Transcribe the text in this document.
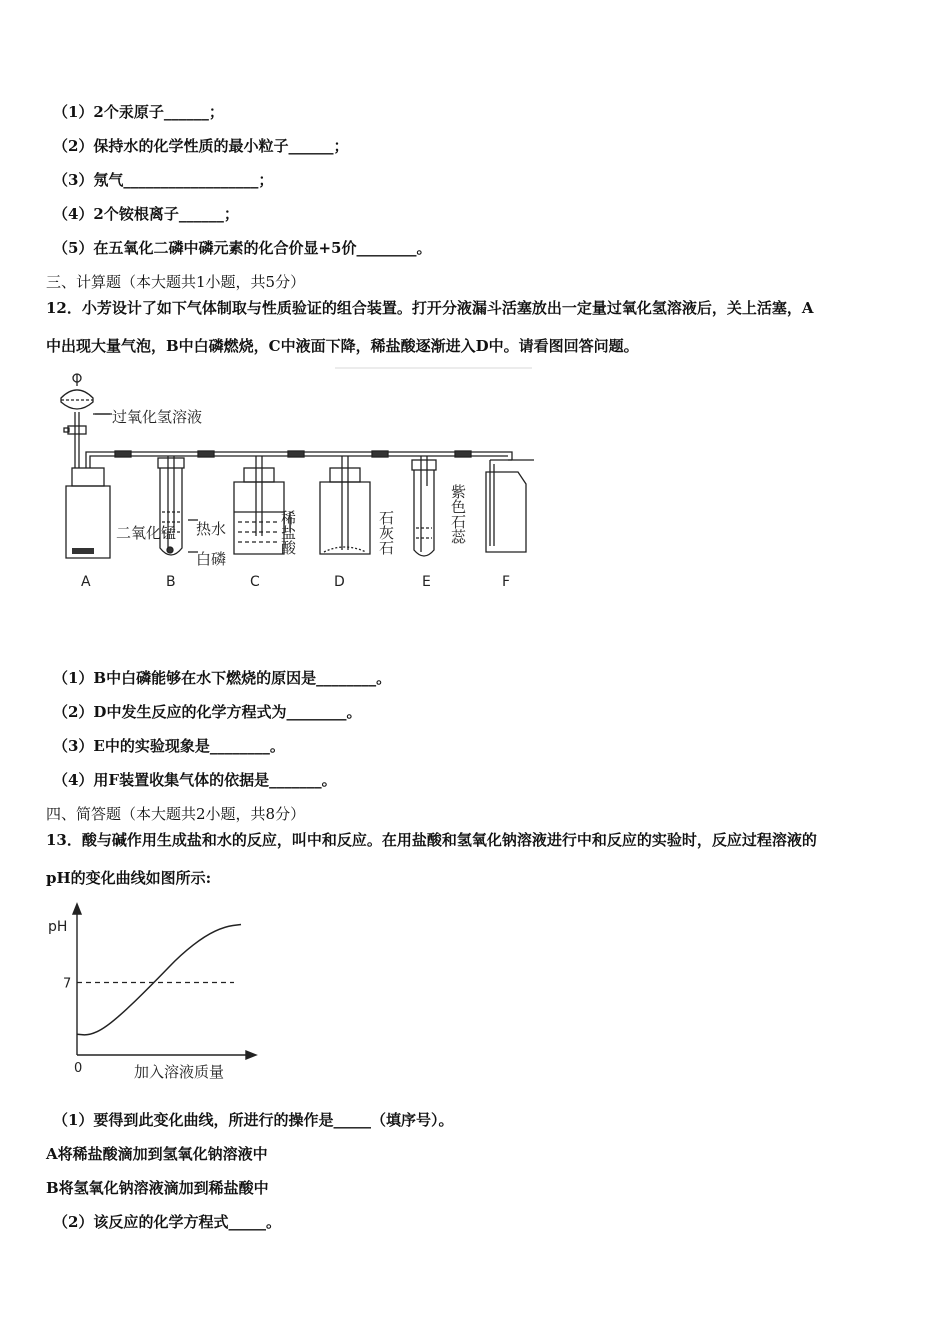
（1）2个汞原子______；
（2）保持水的化学性质的最小粒子______；
（3）氖气__________________；
（4）2个铵根离子______；
（5）在五氧化二磷中磷元素的化合价显+5价________。
三、计算题（本大题共1小题，共5分）
12．小芳设计了如下气体制取与性质验证的组合装置。打开分液漏斗活塞放出一定量过氧化氢溶液后，关上活塞，A
中出现大量气泡，B中白磷燃烧，C中液面下降，稀盐酸逐渐进入D中。请看图回答问题。
过氧化氢溶液
二氧化锰 热水
白磷
稀盐酸	石灰石	紫色石蕊
A	B	C	D	E	F
（1）B中白磷能够在水下燃烧的原因是________。
（2）D中发生反应的化学方程式为________。
（3）E中的实验现象是________。
（4）用F装置收集气体的依据是_______。
四、简答题（本大题共2小题，共8分）
13．酸与碱作用生成盐和水的反应，叫中和反应。在用盐酸和氢氧化钠溶液进行中和反应的实验时，反应过程溶液的
pH的变化曲线如图所示:
pH
7
0	加入溶液质量
（1）要得到此变化曲线，所进行的操作是_____（填序号）。
A将稀盐酸滴加到氢氧化钠溶液中
B将氢氧化钠溶液滴加到稀盐酸中
（2）该反应的化学方程式_____。
